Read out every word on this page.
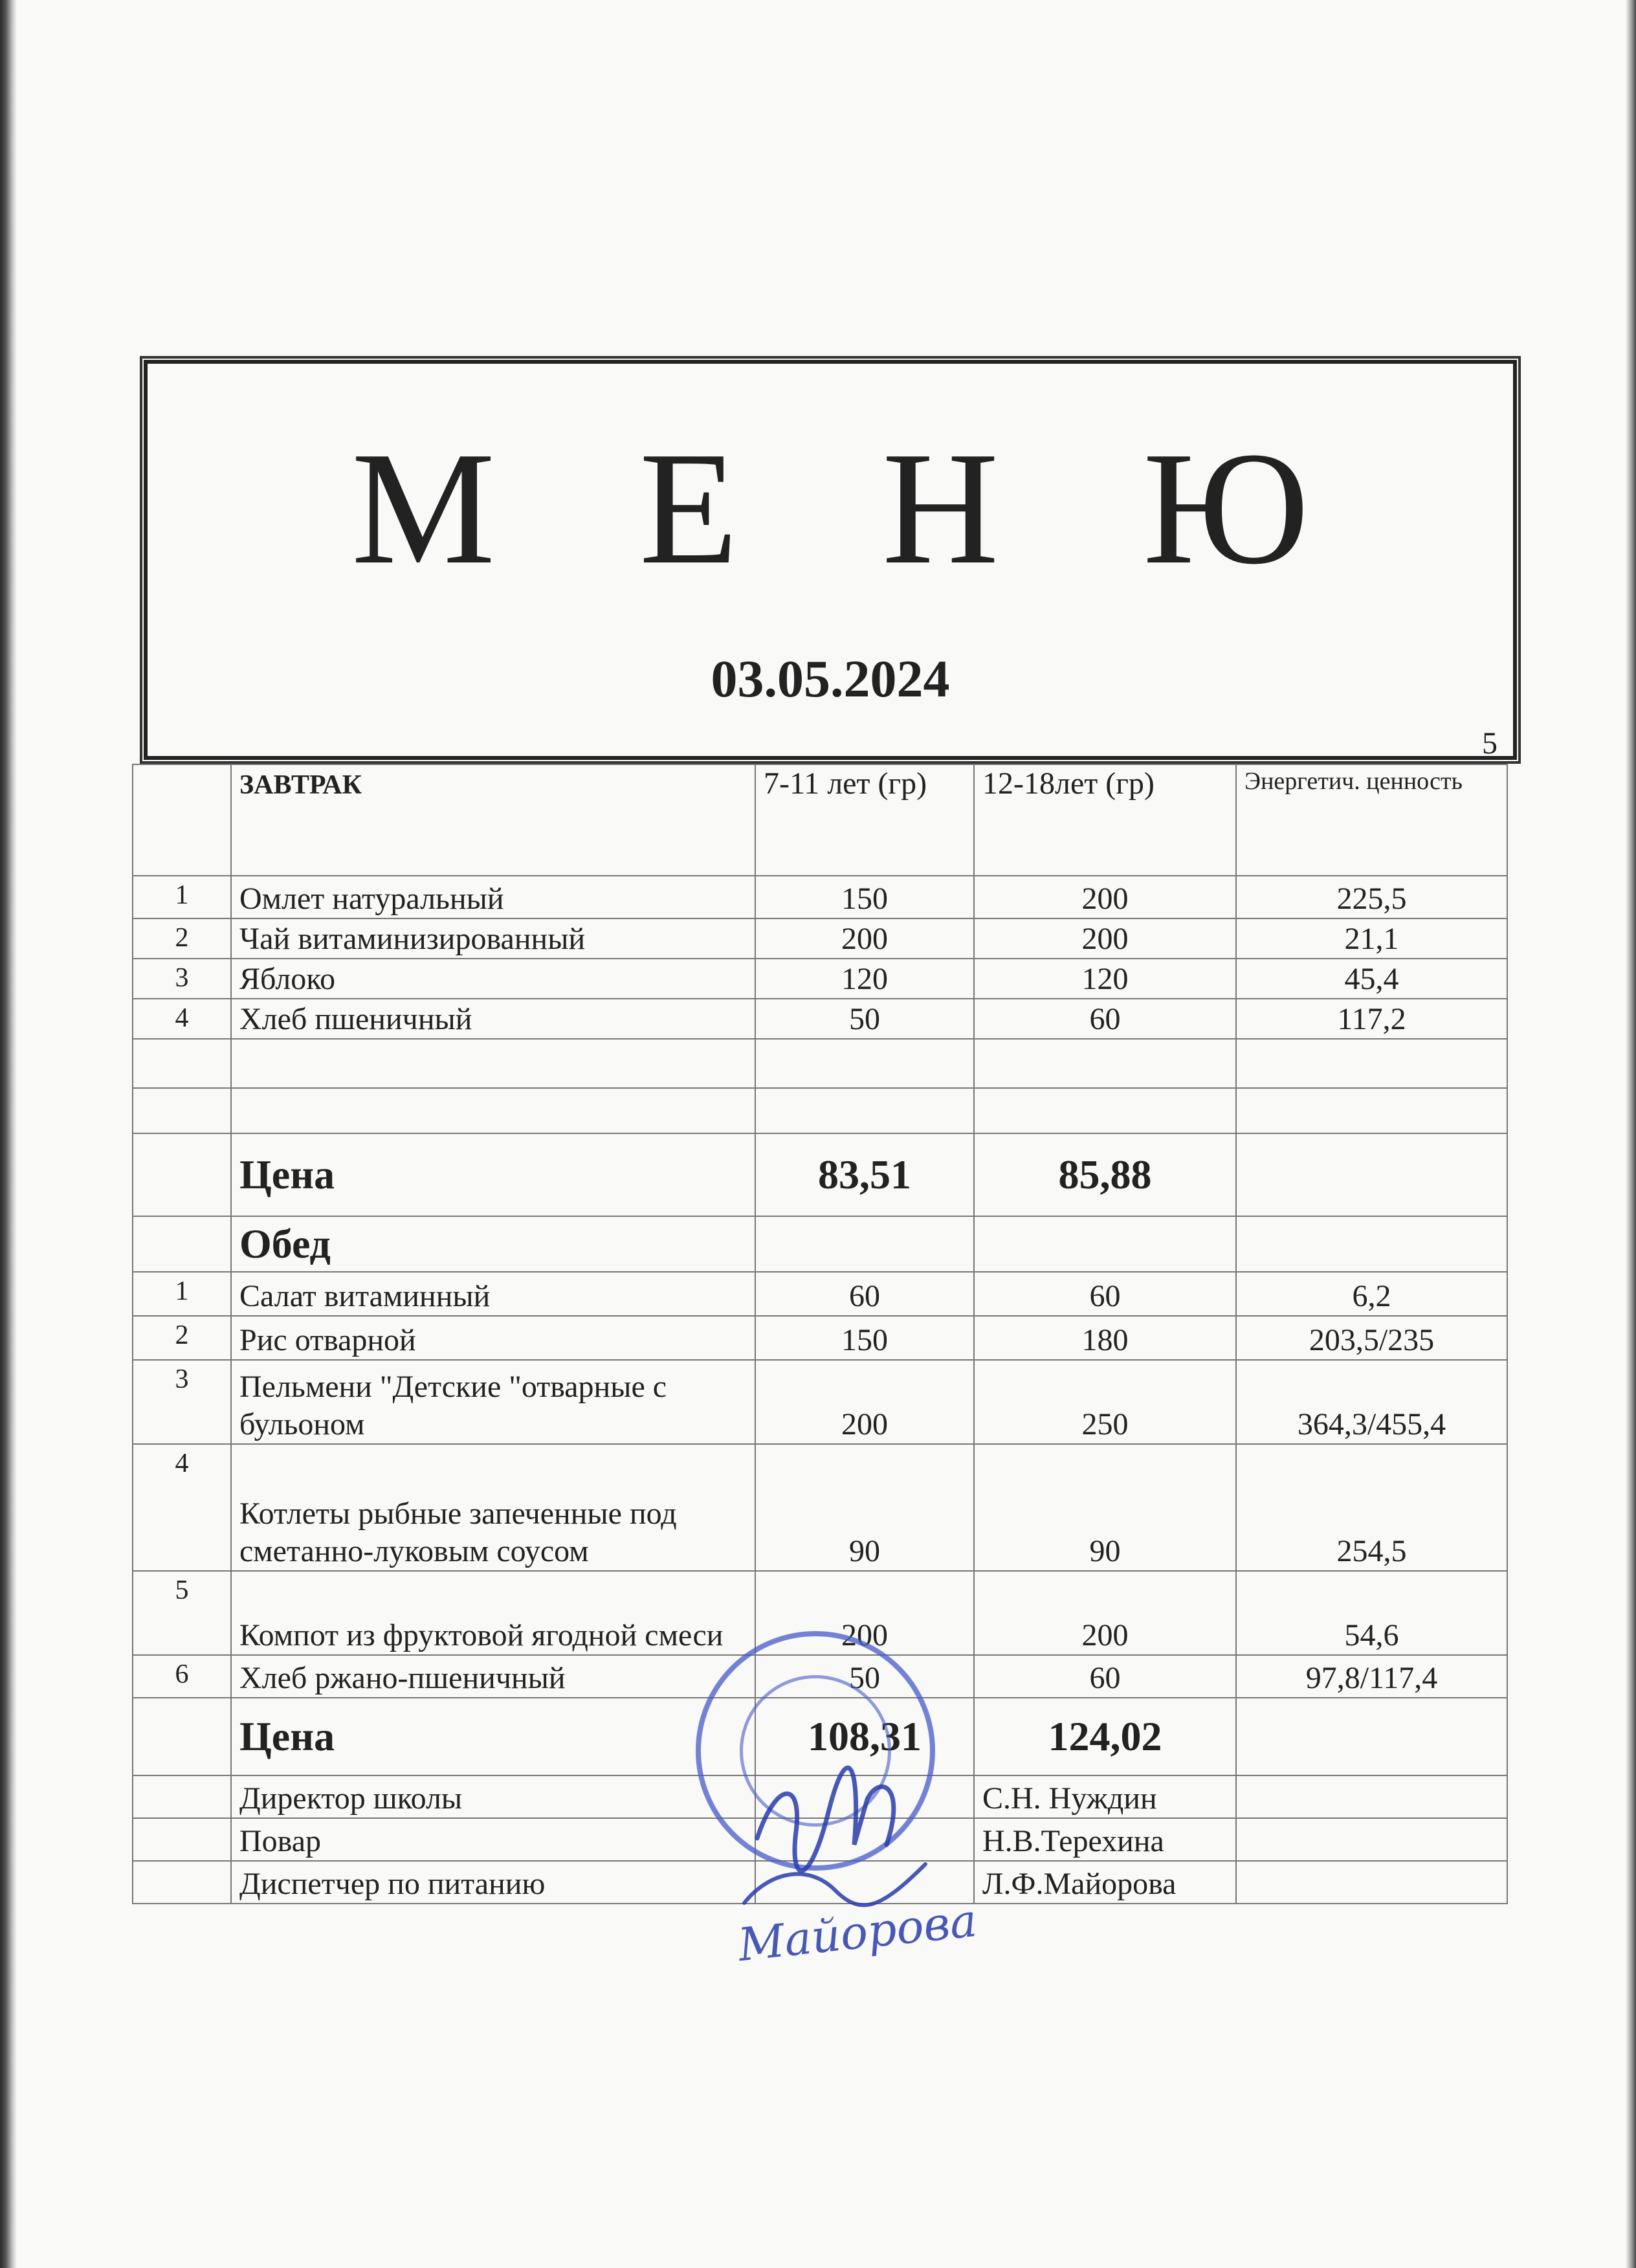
М Е Н Ю
03.05.2024
5
	ЗАВТРАК	7-11 лет (гр)	12-18лет (гр)	Энергетич. ценность
1	Омлет натуральный	150	200	225,5
2	Чай витаминизированный	200	200	21,1
3	Яблоко	120	120	45,4
4	Хлеб пшеничный	50	60	117,2

	Цена	83,51	85,88	
	Обед			
1	Салат витаминный	60	60	6,2
2	Рис отварной	150	180	203,5/235
3	Пельмени "Детские "отварные с бульоном	200	250	364,3/455,4
4	Котлеты рыбные запеченные под сметанно-луковым соусом	90	90	254,5
5	Компот из фруктовой ягодной смеси	200	200	54,6
6	Хлеб ржано-пшеничный	50	60	97,8/117,4
	Цена	108,31	124,02	
	Директор школы		С.Н. Нуждин	
	Повар		Н.В.Терехина	
	Диспетчер по питанию		Л.Ф.Майорова	
Майорова
